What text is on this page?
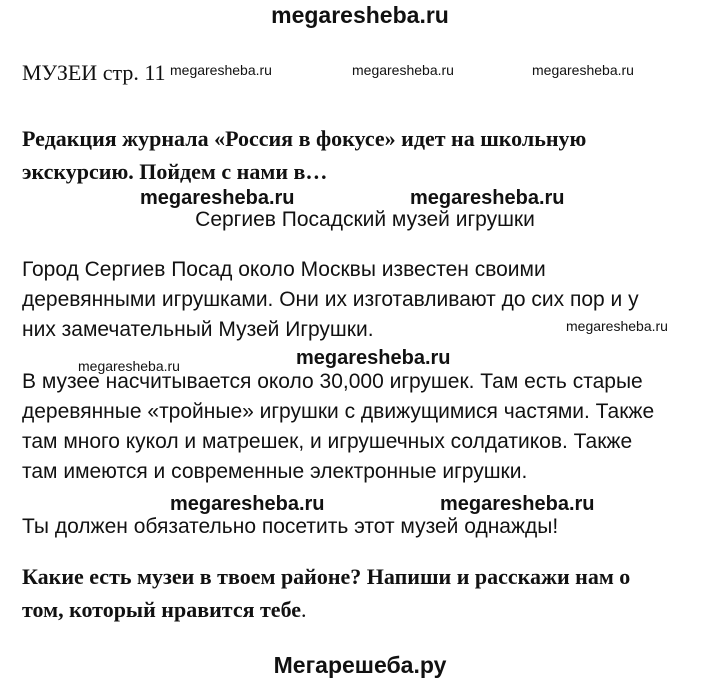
megaresheba.ru
МУЗЕИ стр. 11 megaresheba.ru	megaresheba.ru	megaresheba.ru
Редакция журнала «Россия в фокусе» идет на школьную
экскурсию. Пойдем с нами в…
megaresheba.ru	megaresheba.ru
Сергиев Посадский музей игрушки
Город Сергиев Посад около Москвы известен своими
деревянными игрушками. Они их изготавливают до сих пор и у
них замечательный Музей Игрушки.	megaresheba.ru
megaresheba.ru	megaresheba.ru
В музее насчитывается около 30,000 игрушек. Там есть старые
деревянные «тройные» игрушки с движущимися частями. Также
там много кукол и матрешек, и игрушечных солдатиков. Также
там имеются и современные электронные игрушки.
megaresheba.ru	megaresheba.ru
Ты должен обязательно посетить этот музей однажды!
Какие есть музеи в твоем районе? Напиши и расскажи нам о
том, который нравится тебе.
Мегарешеба.ру
